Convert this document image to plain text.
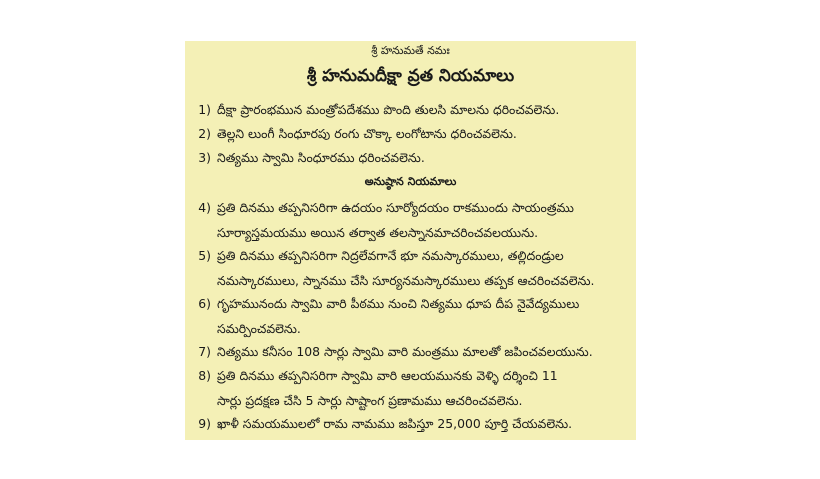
శ్రీ హనుమతే నమః
శ్రీ హనుమదీక్షా వ్రత నియమాలు
1) దీక్షా ప్రారంభమున మంత్రోపదేశము పొంది తులసి మాలను ధరించవలెను.
2) తెల్లని లుంగీ సింధూరపు రంగు చొక్కా లంగోటాను ధరించవలెను.
3) నిత్యము స్వామి సింధూరము ధరించవలెను.
అనుష్ఠాన నియమాలు
4) ప్రతి దినము తప్పనిసరిగా ఉదయం సూర్యోదయం రాకముందు సాయంత్రము
సూర్యాస్తమయము అయిన తర్వాత తలస్నానమాచరించవలయును.
5) ప్రతి దినము తప్పనిసరిగా నిద్రలేవగానే భూ నమస్కారములు, తల్లిదండ్రుల
నమస్కారములు, స్నానము చేసి సూర్యనమస్కారములు తప్పక ఆచరించవలెను.
6) గృహమునందు స్వామి వారి పీఠము నుంచి నిత్యము ధూప దీప నైవేద్యములు
సమర్పించవలెను.
7) నిత్యము కనీసం 108 సార్లు స్వామి వారి మంత్రము మాలతో జపించవలయును.
8) ప్రతి దినము తప్పనిసరిగా స్వామి వారి ఆలయమునకు వెళ్ళి దర్శించి 11
సార్లు ప్రదక్షణ చేసి 5 సార్లు సాష్టాంగ ప్రణామము ఆచరించవలెను.
9) ఖాళీ సమయములలో రామ నామము జపిస్తూ 25,000 పూర్తి చేయవలెను.
